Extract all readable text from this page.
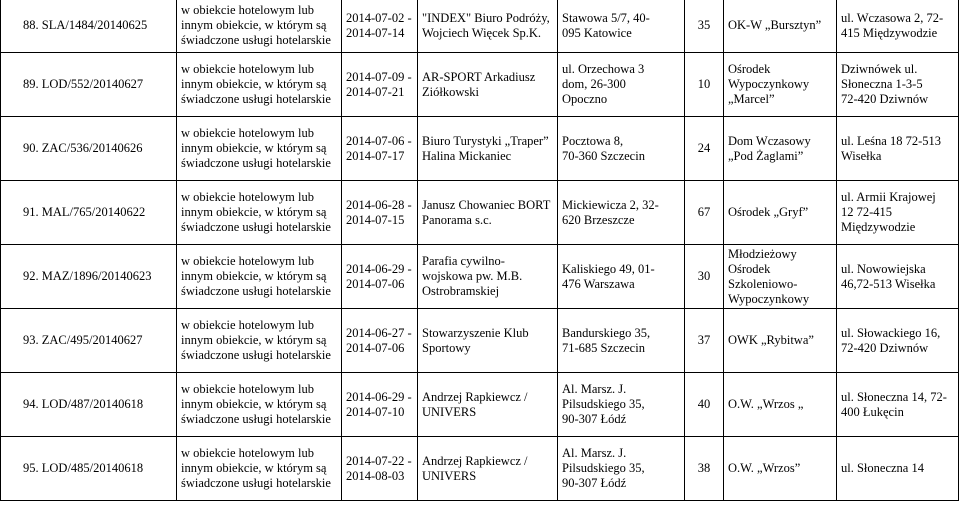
88. SLA/1484/20140625	w obiekcie hotelowym lub
innym obiekcie, w którym są
świadczone usługi hotelarskie	2014-07-02 -
2014-07-14	"INDEX" Biuro Podróży,
Wojciech Więcek Sp.K.	Stawowa 5/7, 40-
095 Katowice	35	OK-W „Bursztyn”	ul. Wczasowa 2, 72-
415 Międzywodzie

89. LOD/552/20140627	w obiekcie hotelowym lub
innym obiekcie, w którym są
świadczone usługi hotelarskie	2014-07-09 -
2014-07-21	AR-SPORT Arkadiusz
Ziółkowski	ul. Orzechowa 3
dom, 26-300
Opoczno	10	Ośrodek
Wypoczynkowy
„Marcel”	Dziwnówek ul.
Słoneczna 1-3-5
72-420 Dziwnów

90. ZAC/536/20140626	w obiekcie hotelowym lub
innym obiekcie, w którym są
świadczone usługi hotelarskie	2014-07-06 -
2014-07-17	Biuro Turystyki „Traper”
Halina Mickaniec	Pocztowa 8,
70-360 Szczecin	24	Dom Wczasowy
„Pod Żaglami”	ul. Leśna 18 72-513
Wisełka

91. MAL/765/20140622	w obiekcie hotelowym lub
innym obiekcie, w którym są
świadczone usługi hotelarskie	2014-06-28 -
2014-07-15	Janusz Chowaniec BORT
Panorama s.c.	Mickiewicza 2, 32-
620 Brzeszcze	67	Ośrodek „Gryf”	ul. Armii Krajowej
12 72-415
Międzywodzie

92. MAZ/1896/20140623	w obiekcie hotelowym lub
innym obiekcie, w którym są
świadczone usługi hotelarskie	2014-06-29 -
2014-07-06	Parafia cywilno-
wojskowa pw. M.B.
Ostrobramskiej	Kaliskiego 49, 01-
476 Warszawa	30	Młodzieżowy
Ośrodek
Szkoleniowo-
Wypoczynkowy	ul. Nowowiejska
46,72-513 Wisełka

93. ZAC/495/20140627	w obiekcie hotelowym lub
innym obiekcie, w którym są
świadczone usługi hotelarskie	2014-06-27 -
2014-07-06	Stowarzyszenie Klub
Sportowy	Bandurskiego 35,
71-685 Szczecin	37	OWK „Rybitwa”	ul. Słowackiego 16,
72-420 Dziwnów

94. LOD/487/20140618	w obiekcie hotelowym lub
innym obiekcie, w którym są
świadczone usługi hotelarskie	2014-06-29 -
2014-07-10	Andrzej Rapkiewcz /
UNIVERS	Al. Marsz. J.
Pilsudskiego 35,
90-307 Łódź	40	O.W. „Wrzos „	ul. Słoneczna 14, 72-
400 Łukęcin

95. LOD/485/20140618	w obiekcie hotelowym lub
innym obiekcie, w którym są
świadczone usługi hotelarskie	2014-07-22 -
2014-08-03	Andrzej Rapkiewcz /
UNIVERS	Al. Marsz. J.
Pilsudskiego 35,
90-307 Łódź	38	O.W. „Wrzos”	ul. Słoneczna 14
